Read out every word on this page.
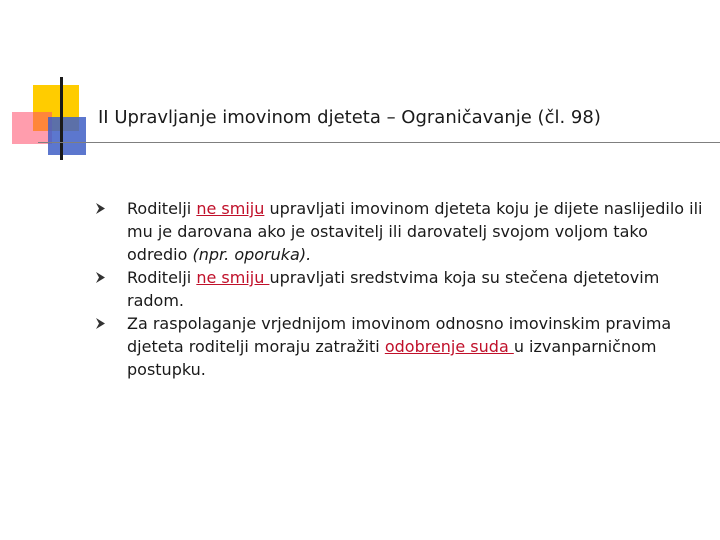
II Upravljanje imovinom djeteta – Ograničavanje (čl. 98)
Roditelji ne smiju upravljati imovinom djeteta koju je dijete naslijedilo ili mu je darovana ako je ostavitelj ili darovatelj svojom voljom tako odredio (npr. oporuka).
Roditelji ne smiju upravljati sredstvima koja su stečena djetetovim radom.
Za raspolaganje vrjednijom imovinom odnosno imovinskim pravima djeteta roditelji moraju zatražiti odobrenje suda u izvanparničnom postupku.
